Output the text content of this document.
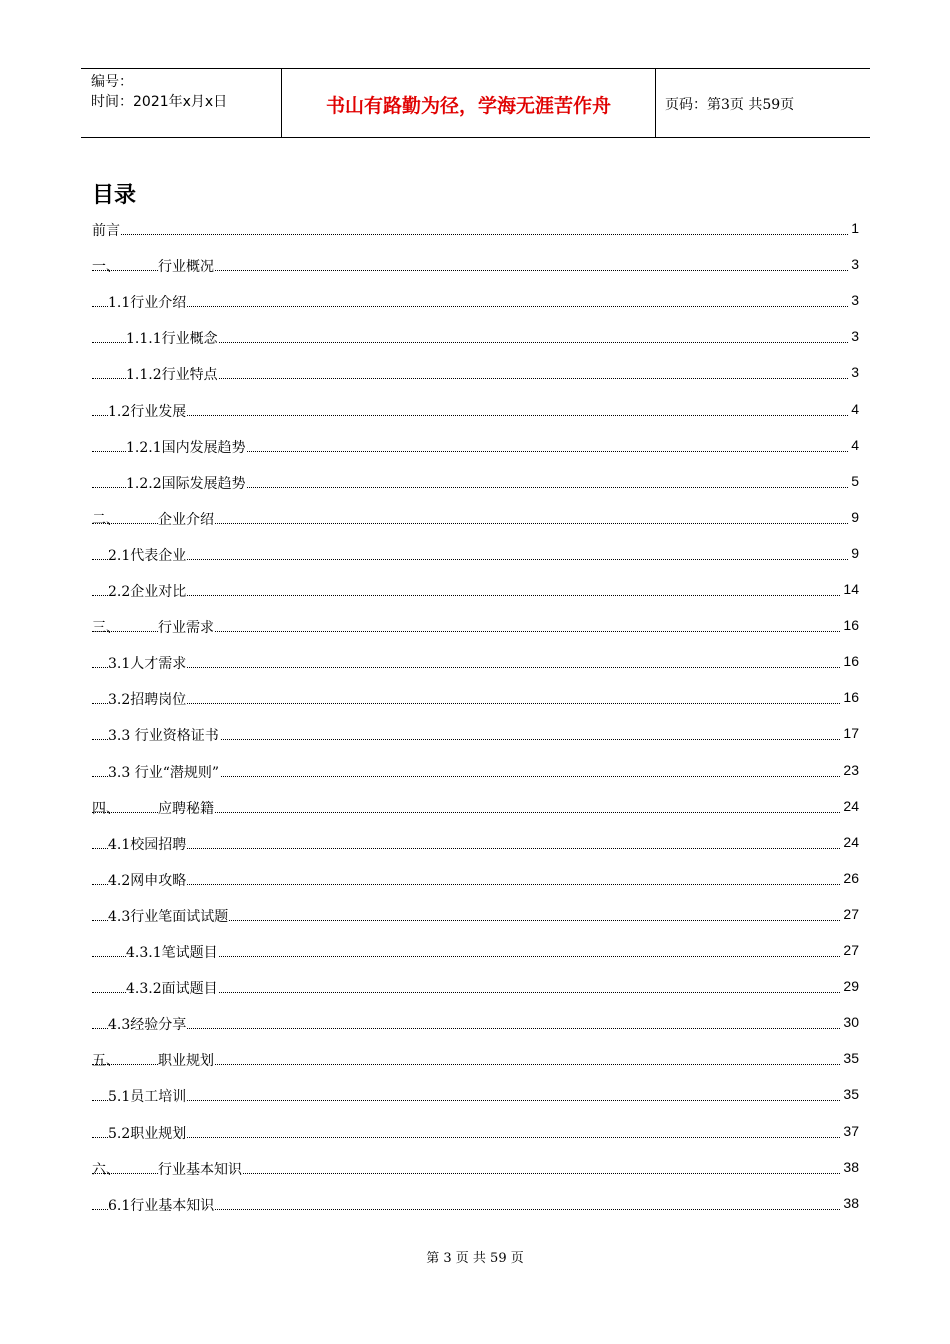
编号：
时间：2021年x月x日	书山有路勤为径，学海无涯苦作舟	页码：第3页 共59页
目录
前言	1
一、	行业概况	3
1.1行业介绍	3
1.1.1行业概念	3
1.1.2行业特点	3
1.2行业发展	4
1.2.1国内发展趋势	4
1.2.2国际发展趋势	5
二、	企业介绍	9
2.1代表企业	9
2.2企业对比	14
三、	行业需求	16
3.1人才需求	16
3.2招聘岗位	16
3.3 行业资格证书	17
3.3 行业“潜规则”	23
四、	应聘秘籍	24
4.1校园招聘	24
4.2网申攻略	26
4.3行业笔面试试题	27
4.3.1笔试题目	27
4.3.2面试题目	29
4.3经验分享	30
五、	职业规划	35
5.1员工培训	35
5.2职业规划	37
六、	行业基本知识	38
6.1行业基本知识	38
第 3 页 共 59 页
